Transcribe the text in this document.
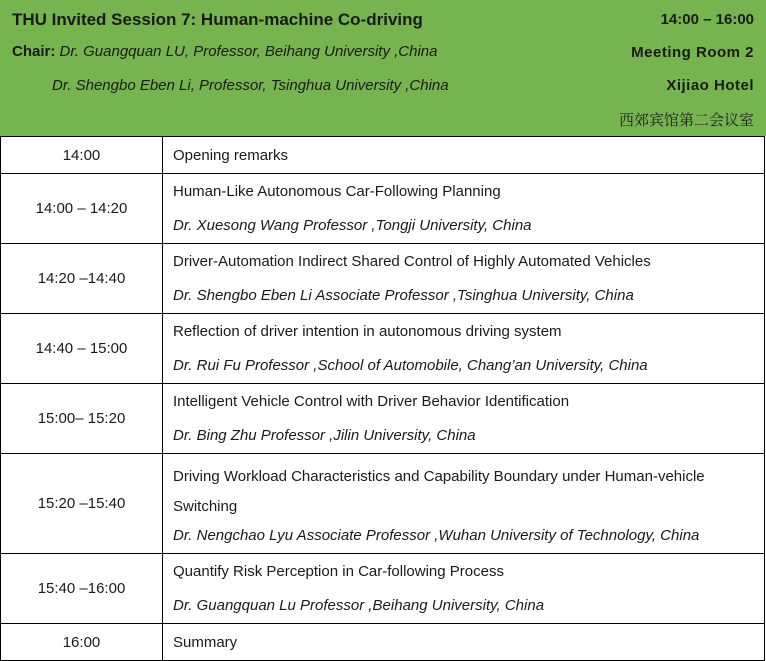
THU Invited Session 7: Human-machine Co-driving	14:00 – 16:00
Chair: Dr. Guangquan LU, Professor, Beihang University ,China
Dr. Shengbo Eben Li, Professor, Tsinghua University ,China
Meeting Room 2
Xijiao Hotel
西郊宾馆第二会议室
14:00	Opening remarks

14:00 – 14:20	Human-Like Autonomous Car-Following Planning
Dr. Xuesong Wang Professor ,Tongji University, China

14:20 –14:40	Driver-Automation Indirect Shared Control of Highly Automated Vehicles
Dr. Shengbo Eben Li Associate Professor ,Tsinghua University, China

14:40 – 15:00	Reflection of driver intention in autonomous driving system
Dr. Rui Fu Professor ,School of Automobile, Chang’an University, China

15:00– 15:20	Intelligent Vehicle Control with Driver Behavior Identification
Dr. Bing Zhu Professor ,Jilin University, China

15:20 –15:40	Driving Workload Characteristics and Capability Boundary under Human-vehicle Switching
Dr. Nengchao Lyu Associate Professor ,Wuhan University of Technology, China

15:40 –16:00	Quantify Risk Perception in Car-following Process
Dr. Guangquan Lu Professor ,Beihang University, China

16:00	Summary
